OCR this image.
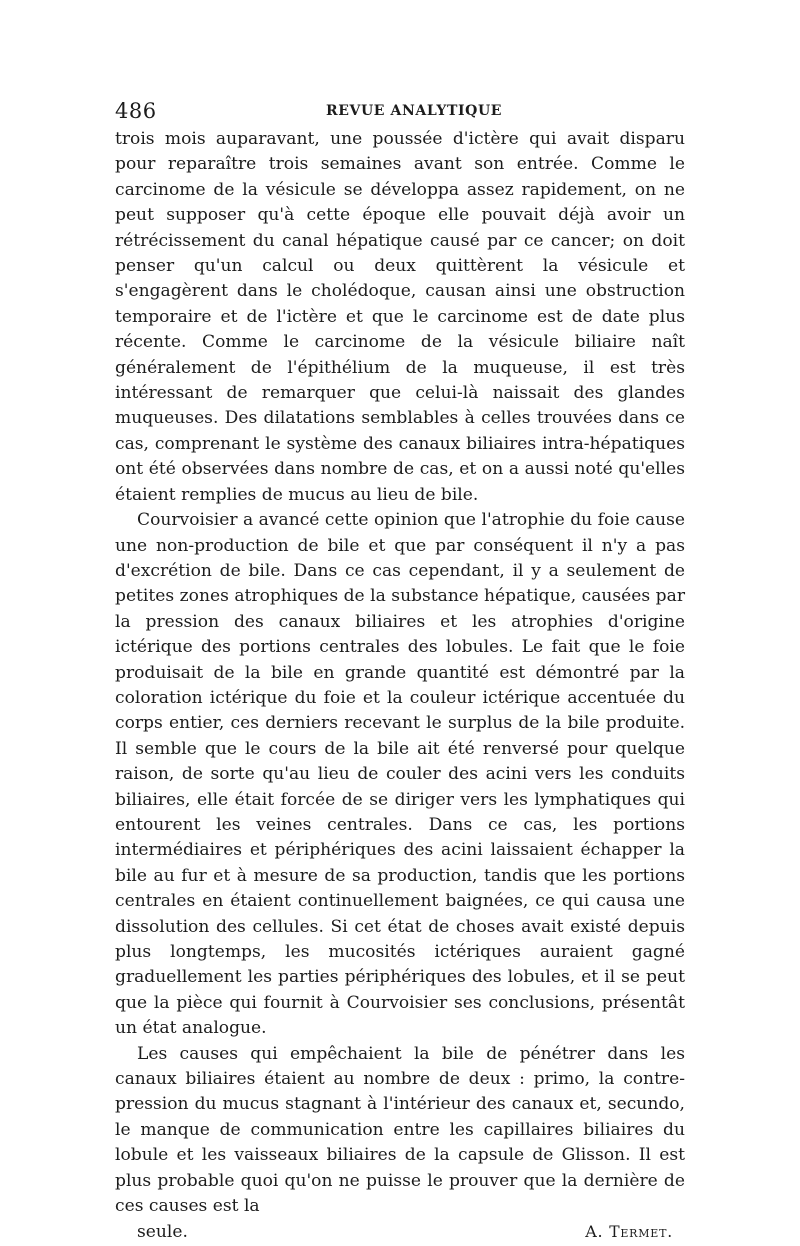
486	REVUE ANALYTIQUE

trois mois auparavant, une poussée d'ictère qui avait disparu pour reparaître trois semaines avant son entrée. Comme le carcinome de la vésicule se développa assez rapidement, on ne peut supposer qu'à cette époque elle pouvait déjà avoir un rétrécissement du canal hépatique causé par ce cancer; on doit penser qu'un calcul ou deux quittèrent la vésicule et s'engagèrent dans le cholédoque, causan ainsi une obstruction temporaire et de l'ictère et que le carcinome est de date plus récente. Comme le carcinome de la vésicule biliaire naît généralement de l'épithélium de la muqueuse, il est très intéressant de remarquer que celui-là naissait des glandes muqueuses. Des dilatations semblables à celles trouvées dans ce cas, comprenant le système des canaux biliaires intra-hépatiques ont été observées dans nombre de cas, et on a aussi noté qu'elles étaient remplies de mucus au lieu de bile.

Courvoisier a avancé cette opinion que l'atrophie du foie cause une non-production de bile et que par conséquent il n'y a pas d'excrétion de bile. Dans ce cas cependant, il y a seulement de petites zones atrophiques de la substance hépatique, causées par la pression des canaux biliaires et les atrophies d'origine ictérique des portions centrales des lobules. Le fait que le foie produisait de la bile en grande quantité est démontré par la coloration ictérique du foie et la couleur ictérique accentuée du corps entier, ces derniers recevant le surplus de la bile produite. Il semble que le cours de la bile ait été renversé pour quelque raison, de sorte qu'au lieu de couler des acini vers les conduits biliaires, elle était forcée de se diriger vers les lymphatiques qui entourent les veines centrales. Dans ce cas, les portions intermédiaires et périphériques des acini laissaient échapper la bile au fur et à mesure de sa production, tandis que les portions centrales en étaient continuellement baignées, ce qui causa une dissolution des cellules. Si cet état de choses avait existé depuis plus longtemps, les mucosités ictériques auraient gagné graduellement les parties périphériques des lobules, et il se peut que la pièce qui fournit à Courvoisier ses conclusions, présentât un état analogue.

Les causes qui empêchaient la bile de pénétrer dans les canaux biliaires étaient au nombre de deux : primo, la contre-pression du mucus stagnant à l'intérieur des canaux et, secundo, le manque de communication entre les capillaires biliaires du lobule et les vaisseaux biliaires de la capsule de Glisson. Il est plus probable quoi qu'on ne puisse le prouver que la dernière de ces causes est la

seule.	A. Termet.
